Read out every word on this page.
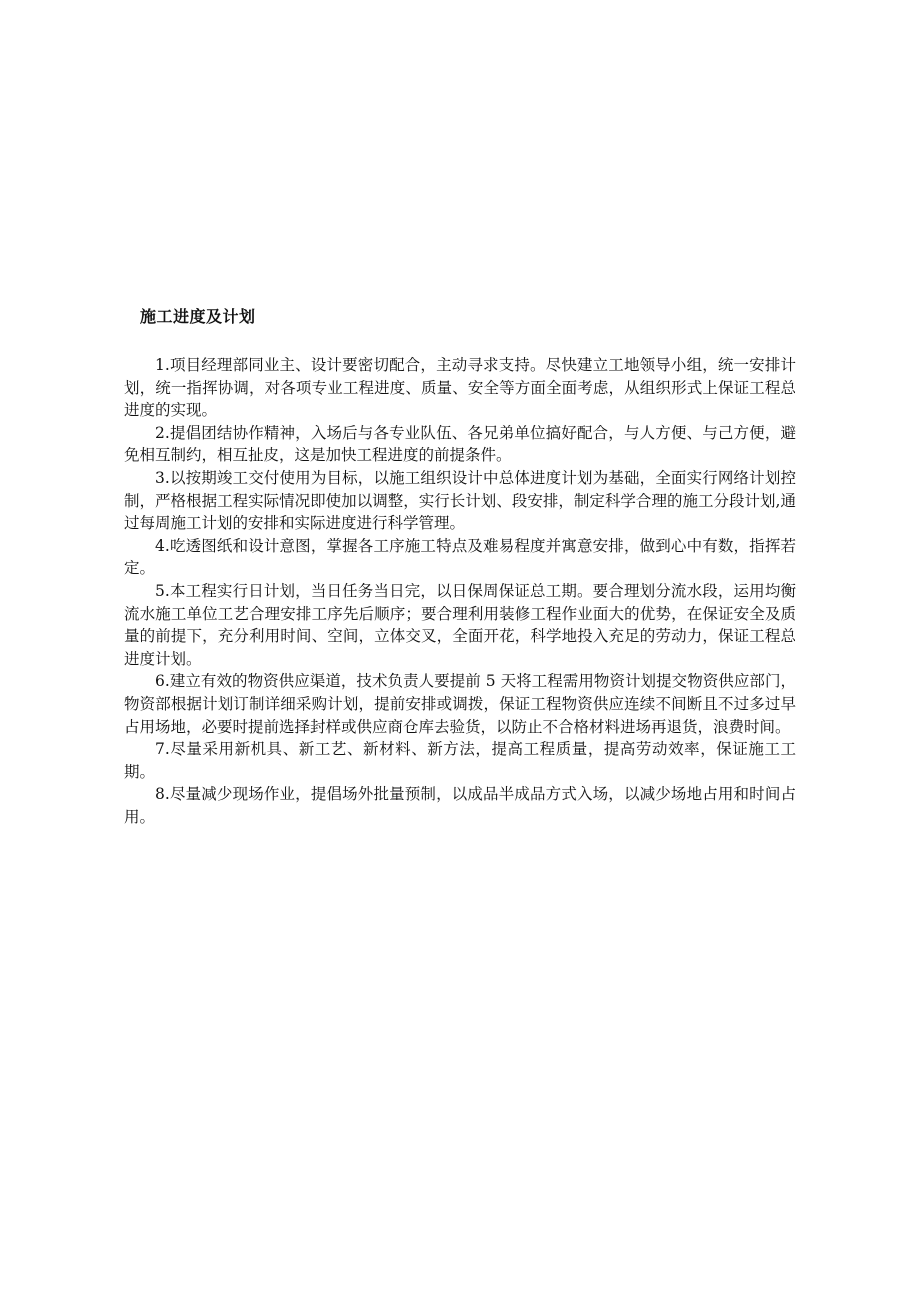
施工进度及计划

1.项目经理部同业主、设计要密切配合，主动寻求支持。尽快建立工地领导小组，统一安排计划，统一指挥协调，对各项专业工程进度、质量、安全等方面全面考虑，从组织形式上保证工程总进度的实现。

2.提倡团结协作精神，入场后与各专业队伍、各兄弟单位搞好配合，与人方便、与己方便，避免相互制约，相互扯皮，这是加快工程进度的前提条件。

3.以按期竣工交付使用为目标，以施工组织设计中总体进度计划为基础，全面实行网络计划控制，严格根据工程实际情况即使加以调整，实行长计划、段安排，制定科学合理的施工分段计划,通过每周施工计划的安排和实际进度进行科学管理。

4.吃透图纸和设计意图，掌握各工序施工特点及难易程度并寓意安排，做到心中有数，指挥若定。

5.本工程实行日计划，当日任务当日完，以日保周保证总工期。要合理划分流水段，运用均衡流水施工单位工艺合理安排工序先后顺序；要合理利用装修工程作业面大的优势，在保证安全及质量的前提下，充分利用时间、空间，立体交叉，全面开花，科学地投入充足的劳动力，保证工程总进度计划。

6.建立有效的物资供应渠道，技术负责人要提前 5 天将工程需用物资计划提交物资供应部门，物资部根据计划订制详细采购计划，提前安排或调拨，保证工程物资供应连续不间断且不过多过早占用场地，必要时提前选择封样或供应商仓库去验货，以防止不合格材料进场再退货，浪费时间。

7.尽量采用新机具、新工艺、新材料、新方法，提高工程质量，提高劳动效率，保证施工工期。

8.尽量减少现场作业，提倡场外批量预制，以成品半成品方式入场，以减少场地占用和时间占用。
